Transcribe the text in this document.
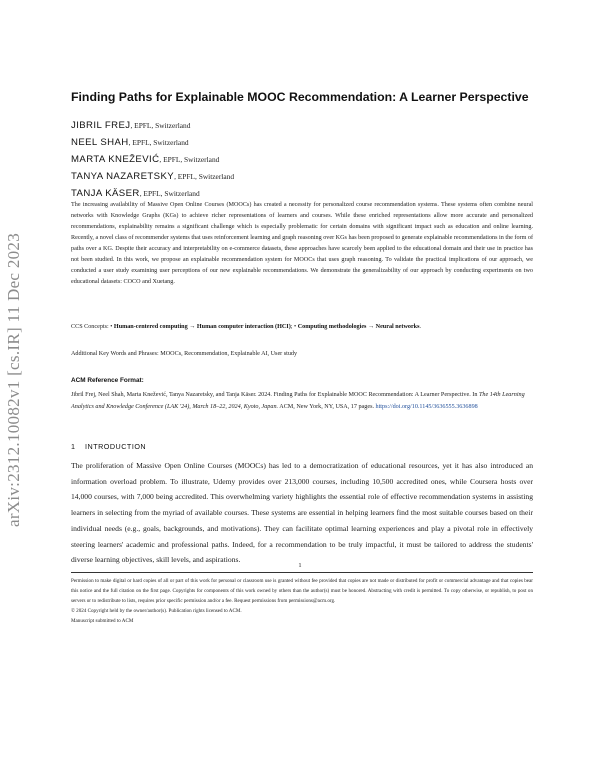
arXiv:2312.10082v1 [cs.IR] 11 Dec 2023
Finding Paths for Explainable MOOC Recommendation: A Learner Perspective
JIBRIL FREJ, EPFL, Switzerland
NEEL SHAH, EPFL, Switzerland
MARTA KNEŽEVIĆ, EPFL, Switzerland
TANYA NAZARETSKY, EPFL, Switzerland
TANJA KÄSER, EPFL, Switzerland
The increasing availability of Massive Open Online Courses (MOOCs) has created a necessity for personalized course recommendation systems. These systems often combine neural networks with Knowledge Graphs (KGs) to achieve richer representations of learners and courses. While these enriched representations allow more accurate and personalized recommendations, explainability remains a significant challenge which is especially problematic for certain domains with significant impact such as education and online learning. Recently, a novel class of recommender systems that uses reinforcement learning and graph reasoning over KGs has been proposed to generate explainable recommendations in the form of paths over a KG. Despite their accuracy and interpretability on e-commerce datasets, these approaches have scarcely been applied to the educational domain and their use in practice has not been studied. In this work, we propose an explainable recommendation system for MOOCs that uses graph reasoning. To validate the practical implications of our approach, we conducted a user study examining user perceptions of our new explainable recommendations. We demonstrate the generalizability of our approach by conducting experiments on two educational datasets: COCO and Xuetang.
CCS Concepts: • Human-centered computing → Human computer interaction (HCI); • Computing methodologies → Neural networks.
Additional Key Words and Phrases: MOOCs, Recommendation, Explainable AI, User study
ACM Reference Format:
Jibril Frej, Neel Shah, Marta Knežević, Tanya Nazaretsky, and Tanja Käser. 2024. Finding Paths for Explainable MOOC Recommendation: A Learner Perspective. In The 14th Learning Analytics and Knowledge Conference (LAK '24), March 18–22, 2024, Kyoto, Japan. ACM, New York, NY, USA, 17 pages. https://doi.org/10.1145/3636555.3636898
1 INTRODUCTION
The proliferation of Massive Open Online Courses (MOOCs) has led to a democratization of educational resources, yet it has also introduced an information overload problem. To illustrate, Udemy provides over 213,000 courses, including 10,500 accredited ones, while Coursera hosts over 14,000 courses, with 7,000 being accredited. This overwhelming variety highlights the essential role of effective recommendation systems in assisting learners in selecting from the myriad of available courses. These systems are essential in helping learners find the most suitable courses based on their individual needs (e.g., goals, backgrounds, and motivations). They can facilitate optimal learning experiences and play a pivotal role in effectively steering learners' academic and professional paths. Indeed, for a recommendation to be truly impactful, it must be tailored to address the students' diverse learning objectives, skill levels, and aspirations.
Permission to make digital or hard copies of all or part of this work for personal or classroom use is granted without fee provided that copies are not made or distributed for profit or commercial advantage and that copies bear this notice and the full citation on the first page. Copyrights for components of this work owned by others than the author(s) must be honored. Abstracting with credit is permitted. To copy otherwise, or republish, to post on servers or to redistribute to lists, requires prior specific permission and/or a fee. Request permissions from permissions@acm.org.
© 2024 Copyright held by the owner/author(s). Publication rights licensed to ACM.
Manuscript submitted to ACM
1
